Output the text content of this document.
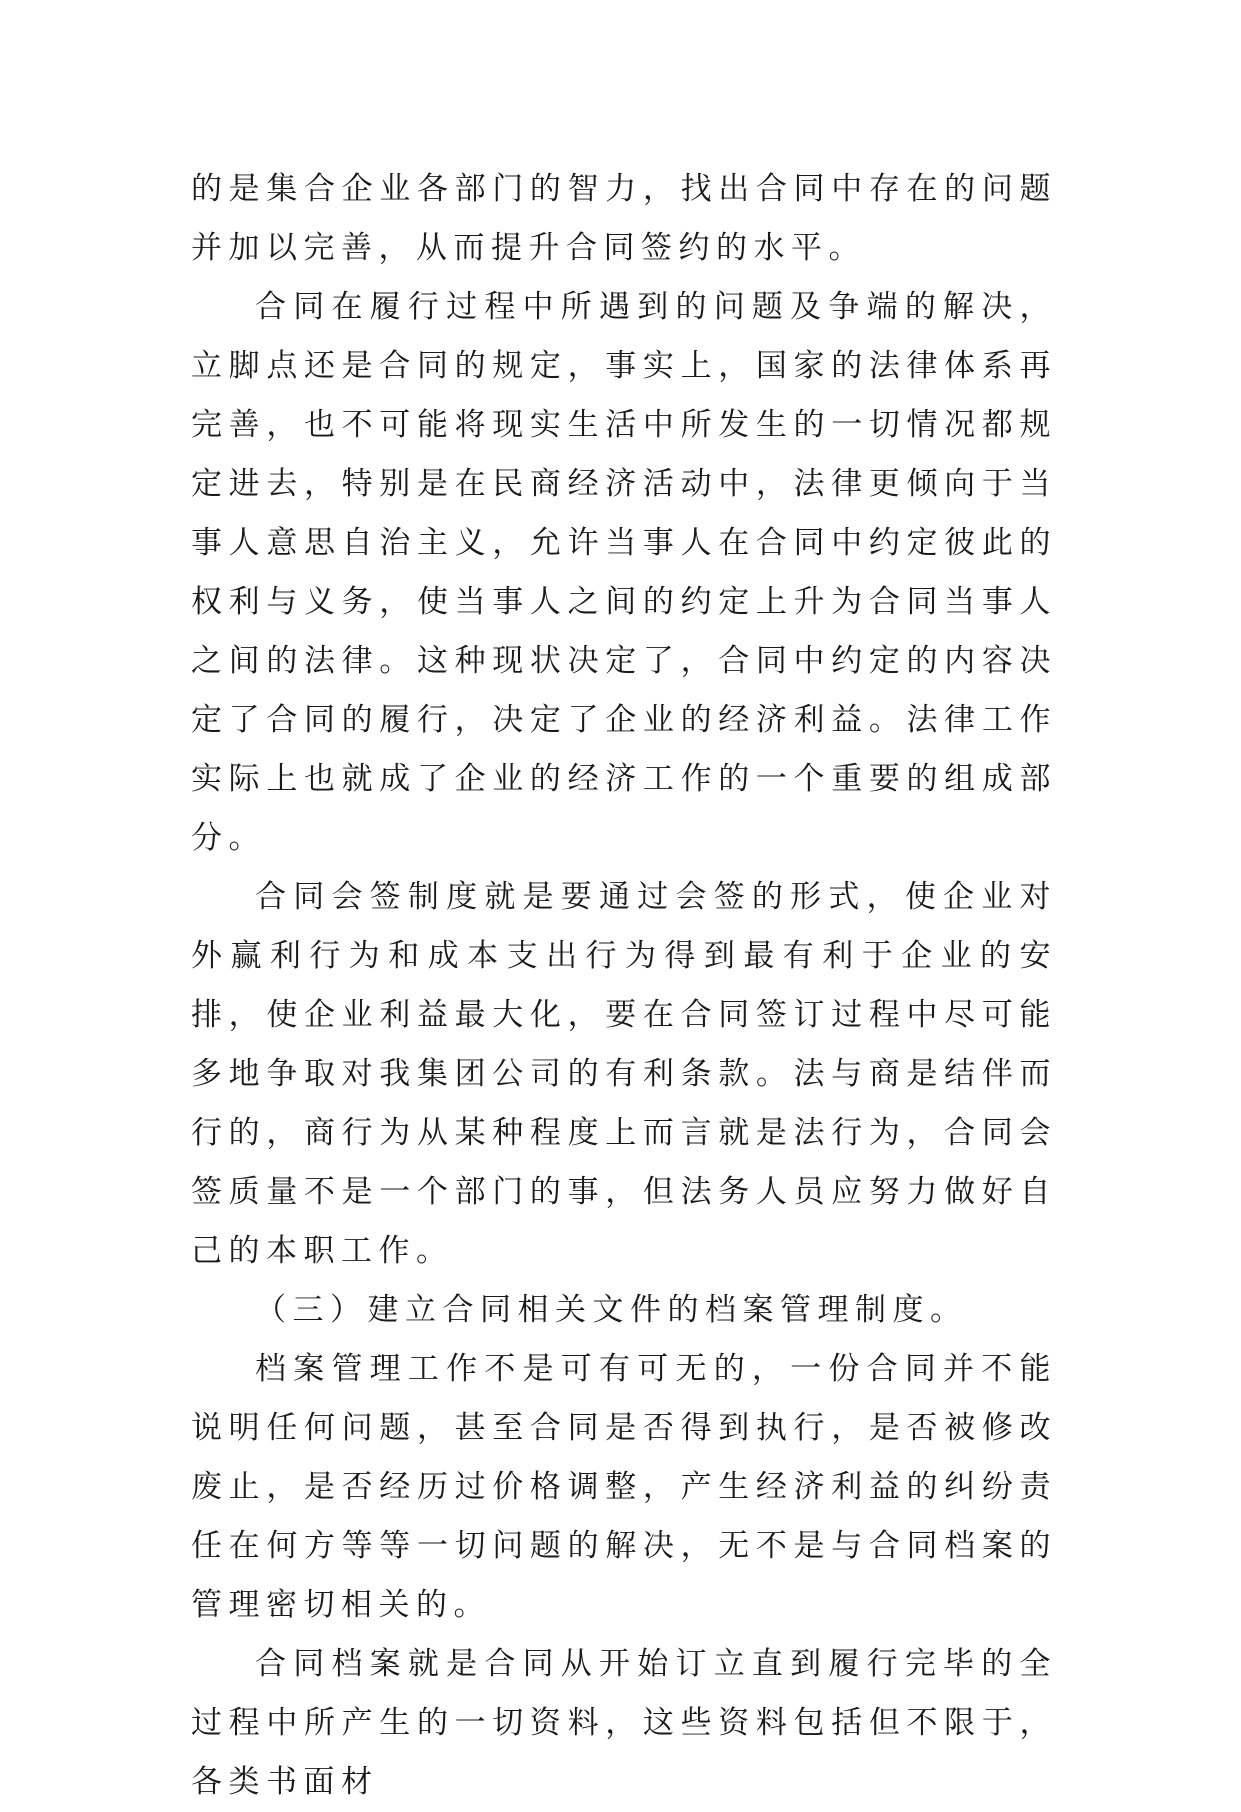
的是集合企业各部门的智力，找出合同中存在的问题并加以完善，从而提升合同签约的水平。

合同在履行过程中所遇到的问题及争端的解决，立脚点还是合同的规定，事实上，国家的法律体系再完善，也不可能将现实生活中所发生的一切情况都规定进去，特别是在民商经济活动中，法律更倾向于当事人意思自治主义，允许当事人在合同中约定彼此的权利与义务，使当事人之间的约定上升为合同当事人之间的法律。这种现状决定了，合同中约定的内容决定了合同的履行，决定了企业的经济利益。法律工作实际上也就成了企业的经济工作的一个重要的组成部分。

合同会签制度就是要通过会签的形式，使企业对外赢利行为和成本支出行为得到最有利于企业的安排，使企业利益最大化，要在合同签订过程中尽可能多地争取对我集团公司的有利条款。法与商是结伴而行的，商行为从某种程度上而言就是法行为，合同会签质量不是一个部门的事，但法务人员应努力做好自己的本职工作。

（三）建立合同相关文件的档案管理制度。

档案管理工作不是可有可无的，一份合同并不能说明任何问题，甚至合同是否得到执行，是否被修改废止，是否经历过价格调整，产生经济利益的纠纷责任在何方等等一切问题的解决，无不是与合同档案的管理密切相关的。

合同档案就是合同从开始订立直到履行完毕的全过程中所产生的一切资料，这些资料包括但不限于，各类书面材
